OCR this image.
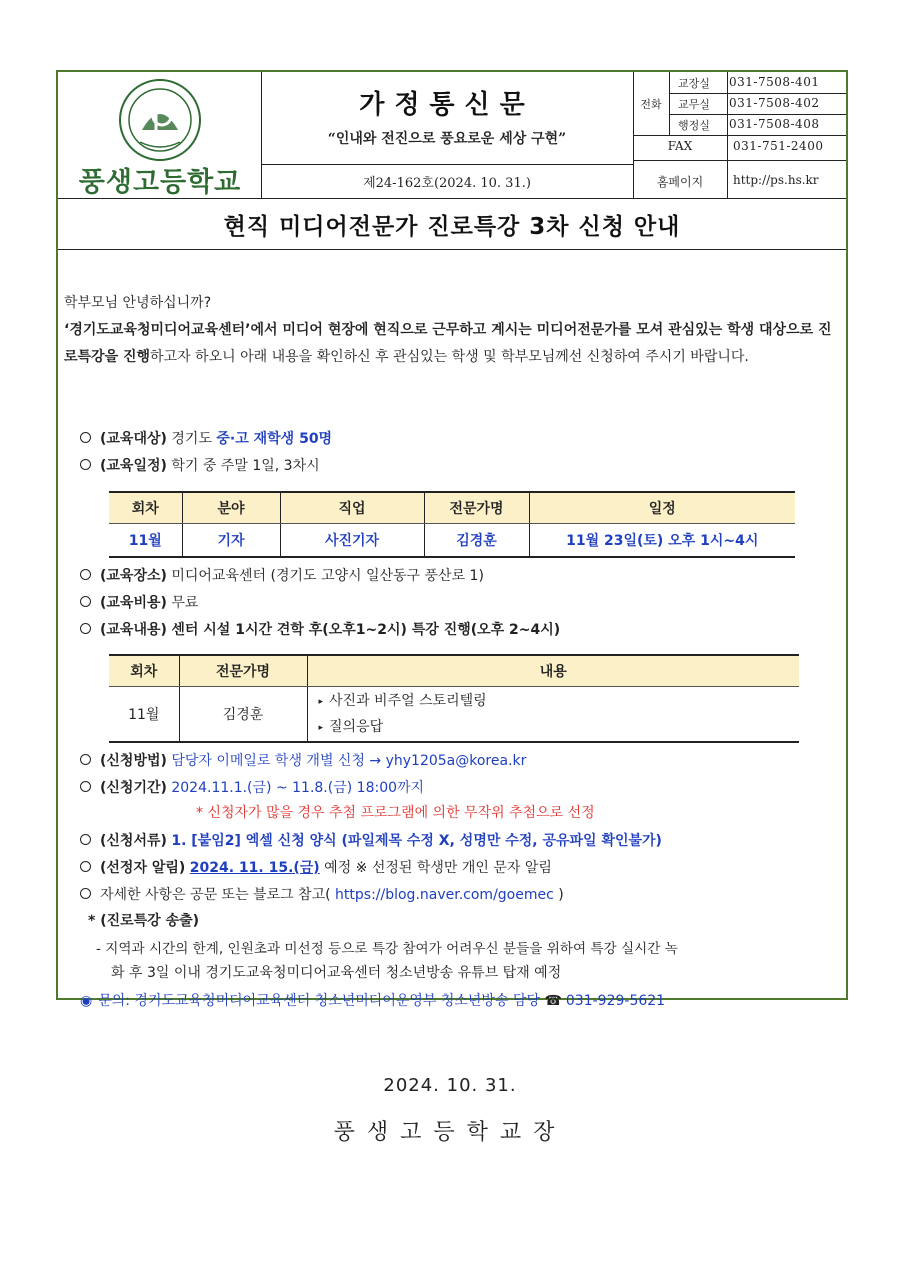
풍생고등학교
가정통신문
“인내와 전진으로 풍요로운 세상 구현”
제24-162호(2024. 10. 31.)
전화
교장실	031-7508-401
교무실	031-7508-402
행정실	031-7508-408
FAX	031-751-2400
홈페이지	http://ps.hs.kr
현직 미디어전문가 진로특강 3차 신청 안내
학부모님 안녕하십니까?
‘경기도교육청미디어교육센터’에서 미디어 현장에 현직으로 근무하고 계시는 미디어전문가를 모셔 관심있는 학생 대상으로 진로특강을 진행하고자 하오니 아래 내용을 확인하신 후 관심있는 학생 및 학부모님께선 신청하여 주시기 바랍니다.
(교육대상) 경기도 중·고 재학생 50명
(교육일정) 학기 중 주말 1일, 3차시
회차	분야	직업	전문가명	일정
11월	기자	사진기자	김경훈	11월 23일(토) 오후 1시~4시
(교육장소) 미디어교육센터 (경기도 고양시 일산동구 풍산로 1)
(교육비용) 무료
(교육내용) 센터 시설 1시간 견학 후(오후1~2시) 특강 진행(오후 2~4시)
회차	전문가명	내용
11월	김경훈	▸ 사진과 비주얼 스토리텔링
▸ 질의응답
(신청방법) 담당자 이메일로 학생 개별 신청 → yhy1205a@korea.kr
(신청기간) 2024.11.1.(금) ~ 11.8.(금) 18:00까지
* 신청자가 많을 경우 추첨 프로그램에 의한 무작위 추첨으로 선정
(신청서류) 1. [붙임2] 엑셀 신청 양식 (파일제목 수정 X, 성명만 수정, 공유파일 확인불가)
(선정자 알림) 2024. 11. 15.(금) 예정 ※ 선정된 학생만 개인 문자 알림
자세한 사항은 공문 또는 블로그 참고( https://blog.naver.com/goemec )
* (진로특강 송출)
- 지역과 시간의 한계, 인원초과 미선정 등으로 특강 참여가 어려우신 분들을 위하여 특강 실시간 녹
화 후 3일 이내 경기도교육청미디어교육센터 청소년방송 유튜브 탑재 예정
◉ 문의: 경기도교육청미디어교육센터 청소년미디어운영부 청소년방송 담당 ☎ 031-929-5621
2024. 10. 31.
풍생고등학교장
